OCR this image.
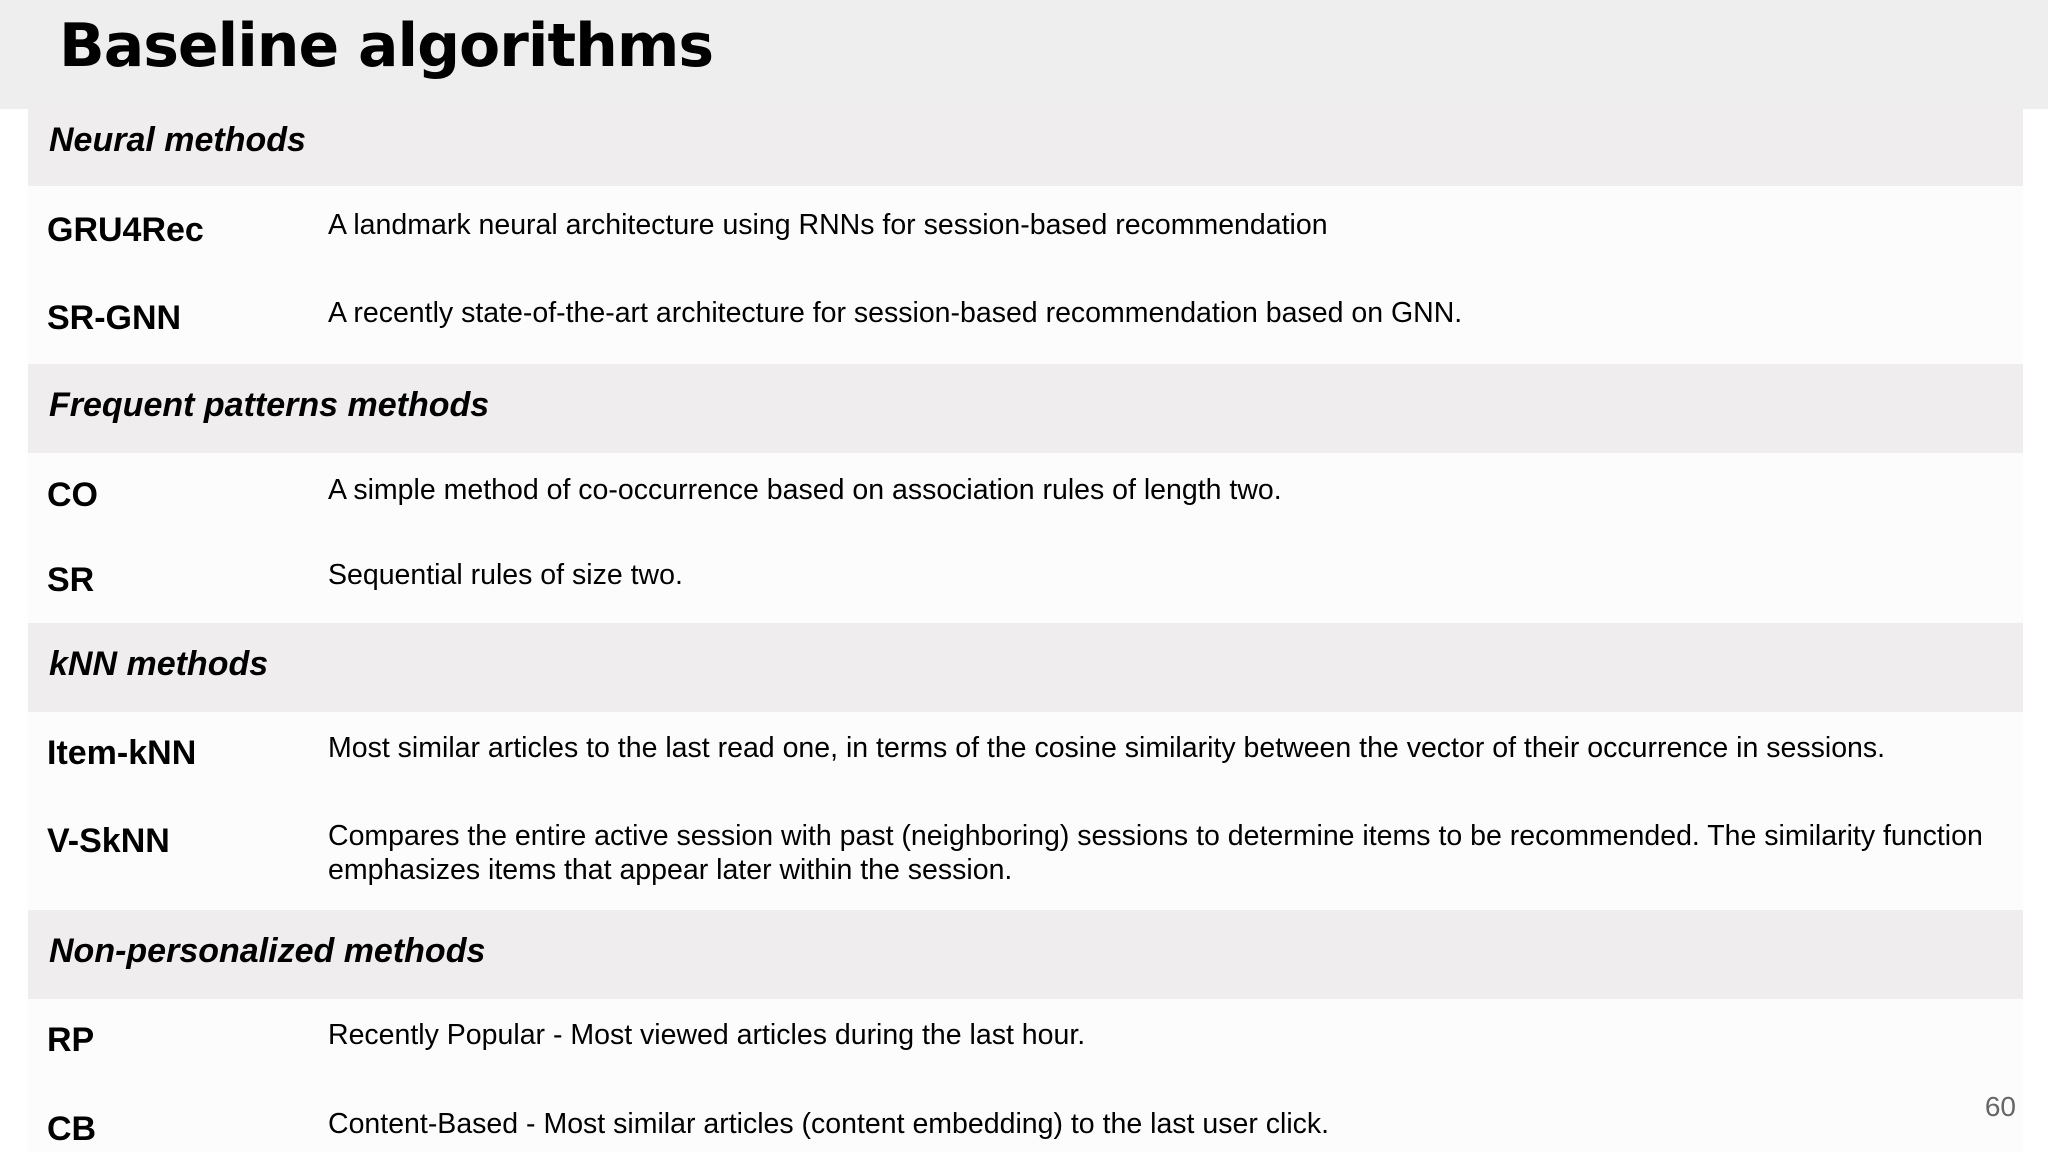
Baseline algorithms
Neural methods
GRU4Rec	A landmark neural architecture using RNNs for session-based recommendation
SR-GNN	A recently state-of-the-art architecture for session-based recommendation based on GNN.
Frequent patterns methods
CO	A simple method of co-occurrence based on association rules of length two.
SR	Sequential rules of size two.
kNN methods
Item-kNN	Most similar articles to the last read one, in terms of the cosine similarity between the vector of their occurrence in sessions.
V-SkNN	Compares the entire active session with past (neighboring) sessions to determine items to be recommended. The similarity function emphasizes items that appear later within the session.
Non-personalized methods
RP	Recently Popular - Most viewed articles during the last hour.
CB	Content-Based - Most similar articles (content embedding) to the last user click.
60
